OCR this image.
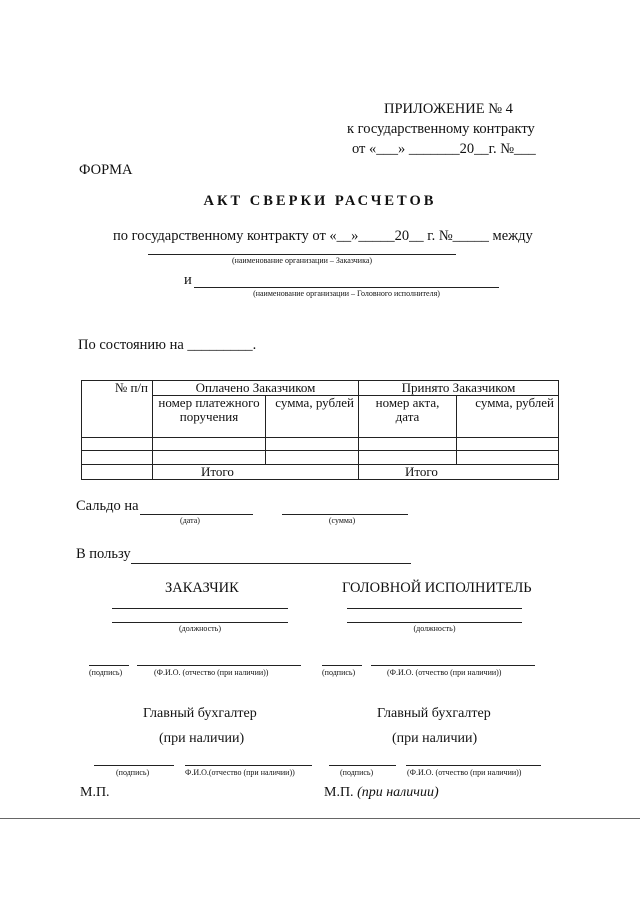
ПРИЛОЖЕНИЕ № 4
к государственному контракту
от «___» _______20__г. №___
ФОРМА
АКТ СВЕРКИ РАСЧЕТОВ
по государственному контракту от «__»_____20__ г. №_____ между
(наименование организации – Заказчика)
и
(наименование организации – Головного исполнителя)
По состоянию на _________.
№ п/п	Оплачено Заказчиком		Принято Заказчиком	
	номер платежного поручения	сумма, рублей	номер акта, дата	сумма, рублей

	Итого		Итого	
Сальдо на
(дата)	(сумма)
В пользу
ЗАКАЗЧИК	ГОЛОВНОЙ ИСПОЛНИТЕЛЬ
(должность)	(должность)
(подпись)	(Ф.И.О. (отчество (при наличии))	(подпись)	(Ф.И.О. (отчество (при наличии))
Главный бухгалтер
(при наличии)
Главный бухгалтер
(при наличии)
(подпись)	Ф.И.О.(отчество (при наличии))	(подпись)	(Ф.И.О. (отчество (при наличии))
М.П.	М.П. (при наличии)
